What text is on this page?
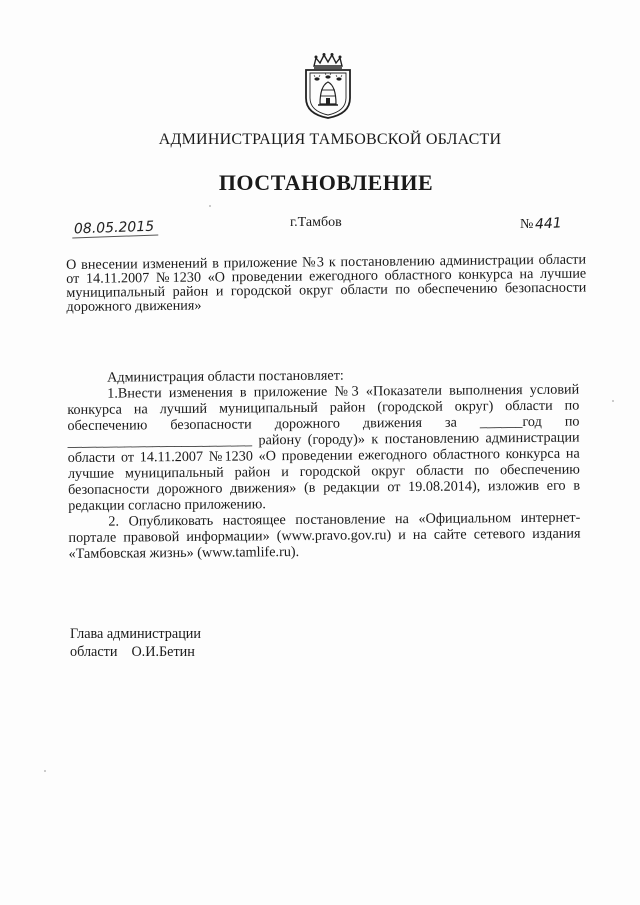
АДМИНИСТРАЦИЯ ТАМБОВСКОЙ ОБЛАСТИ
ПОСТАНОВЛЕНИЕ
08.05.2015	г.Тамбов	№ 441
О внесении изменений в приложение №3 к постановлению администрации области от 14.11.2007 №1230 «О проведении ежегодного областного конкурса на лучшие муниципальный район и городской округ области по обеспечению безопасности дорожного движения»

Администрация области постановляет:

1.Внести изменения в приложение №3 «Показатели выполнения условий конкурса на лучший муниципальный район (городской округ) области по обеспечению безопасности дорожного движения за ______год по __________________________ району (городу)» к постановлению администрации области от 14.11.2007 №1230 «О проведении ежегодного областного конкурса на лучшие муниципальный район и городской округ области по обеспечению безопасности дорожного движения» (в редакции от 19.08.2014), изложив его в редакции согласно приложению.

2. Опубликовать настоящее постановление на «Официальном интернет-портале правовой информации» (www.pravo.gov.ru) и на сайте сетевого издания «Тамбовская жизнь» (www.tamlife.ru).

Глава администрации
области О.И.Бетин
